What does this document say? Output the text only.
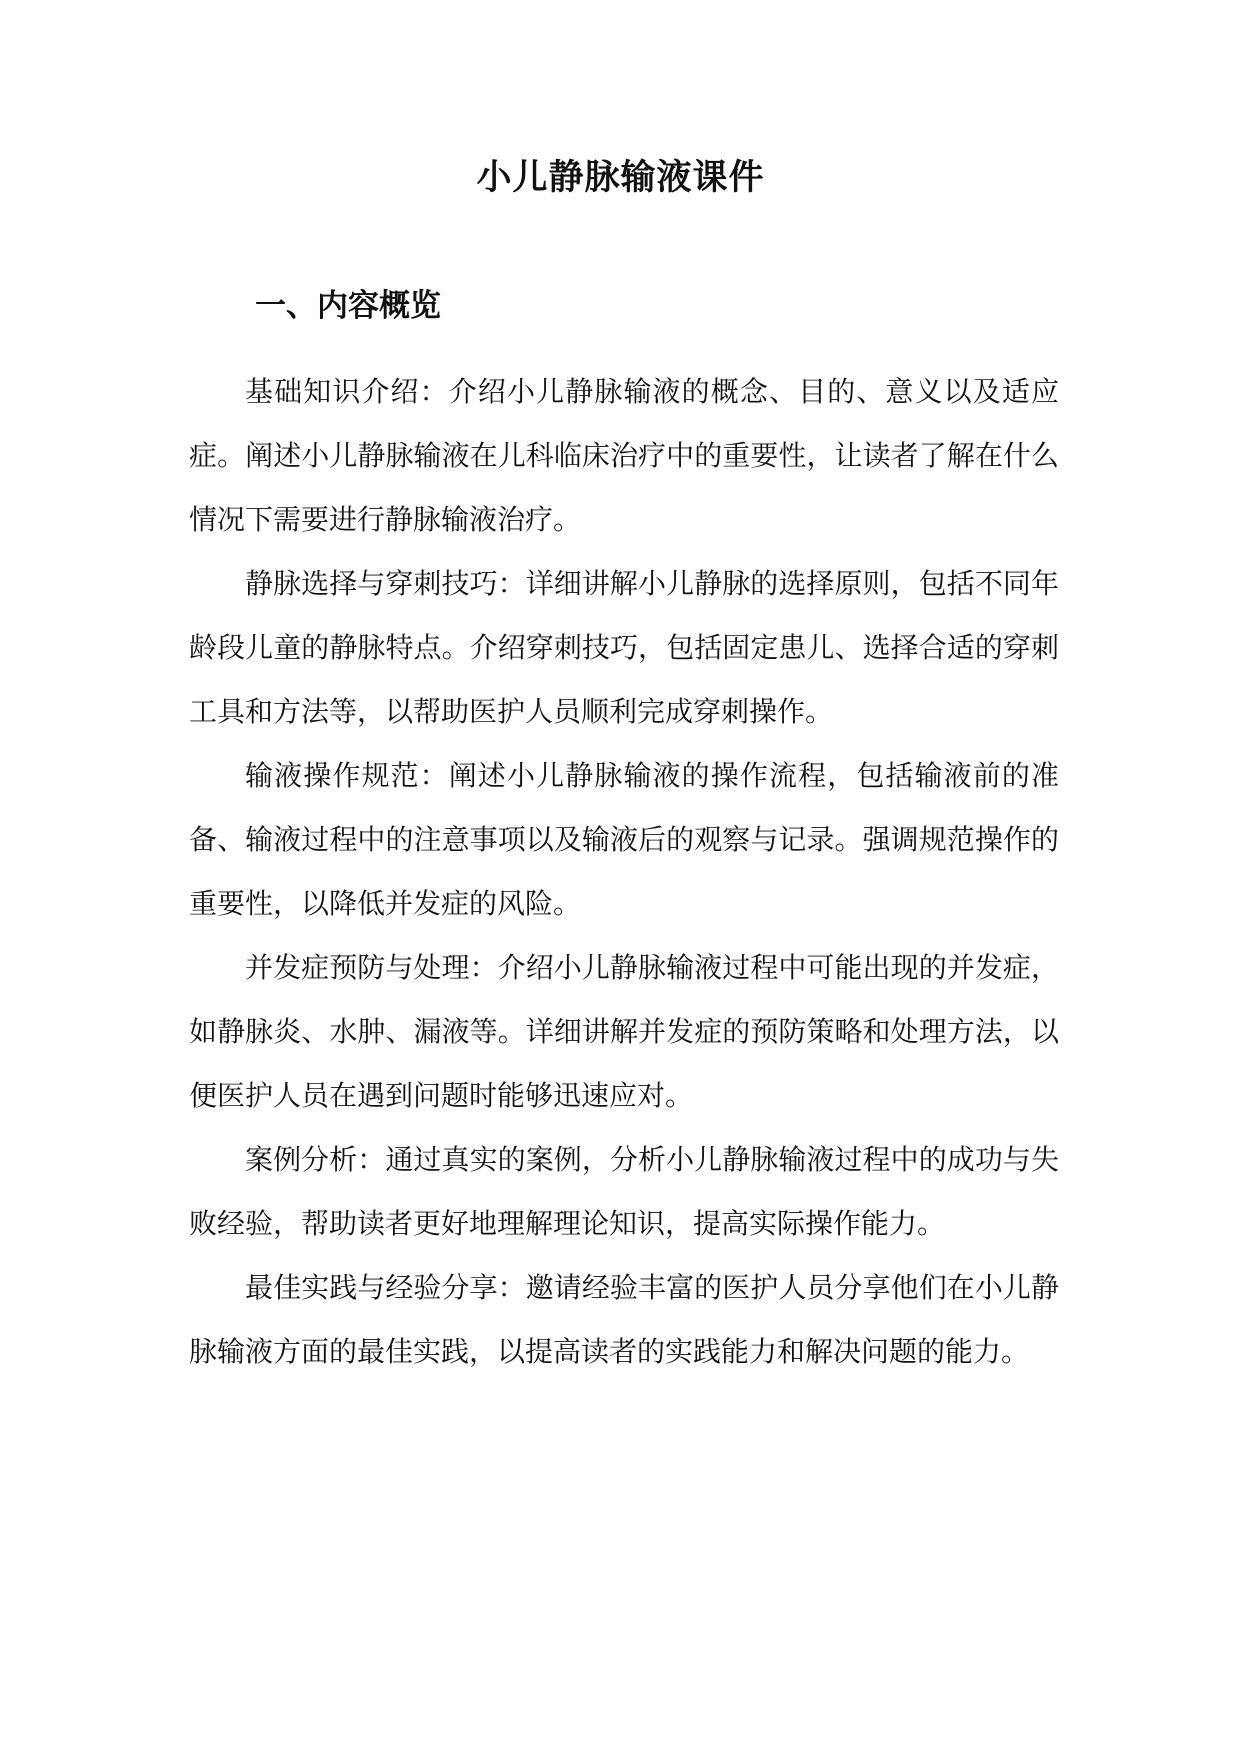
小儿静脉输液课件
一、内容概览

基础知识介绍：介绍小儿静脉输液的概念、目的、意义以及适应症。阐述小儿静脉输液在儿科临床治疗中的重要性，让读者了解在什么情况下需要进行静脉输液治疗。

静脉选择与穿刺技巧：详细讲解小儿静脉的选择原则，包括不同年龄段儿童的静脉特点。介绍穿刺技巧，包括固定患儿、选择合适的穿刺工具和方法等，以帮助医护人员顺利完成穿刺操作。

输液操作规范：阐述小儿静脉输液的操作流程，包括输液前的准备、输液过程中的注意事项以及输液后的观察与记录。强调规范操作的重要性，以降低并发症的风险。

并发症预防与处理：介绍小儿静脉输液过程中可能出现的并发症，如静脉炎、水肿、漏液等。详细讲解并发症的预防策略和处理方法，以便医护人员在遇到问题时能够迅速应对。

案例分析：通过真实的案例，分析小儿静脉输液过程中的成功与失败经验，帮助读者更好地理解理论知识，提高实际操作能力。

最佳实践与经验分享：邀请经验丰富的医护人员分享他们在小儿静脉输液方面的最佳实践，以提高读者的实践能力和解决问题的能力。
